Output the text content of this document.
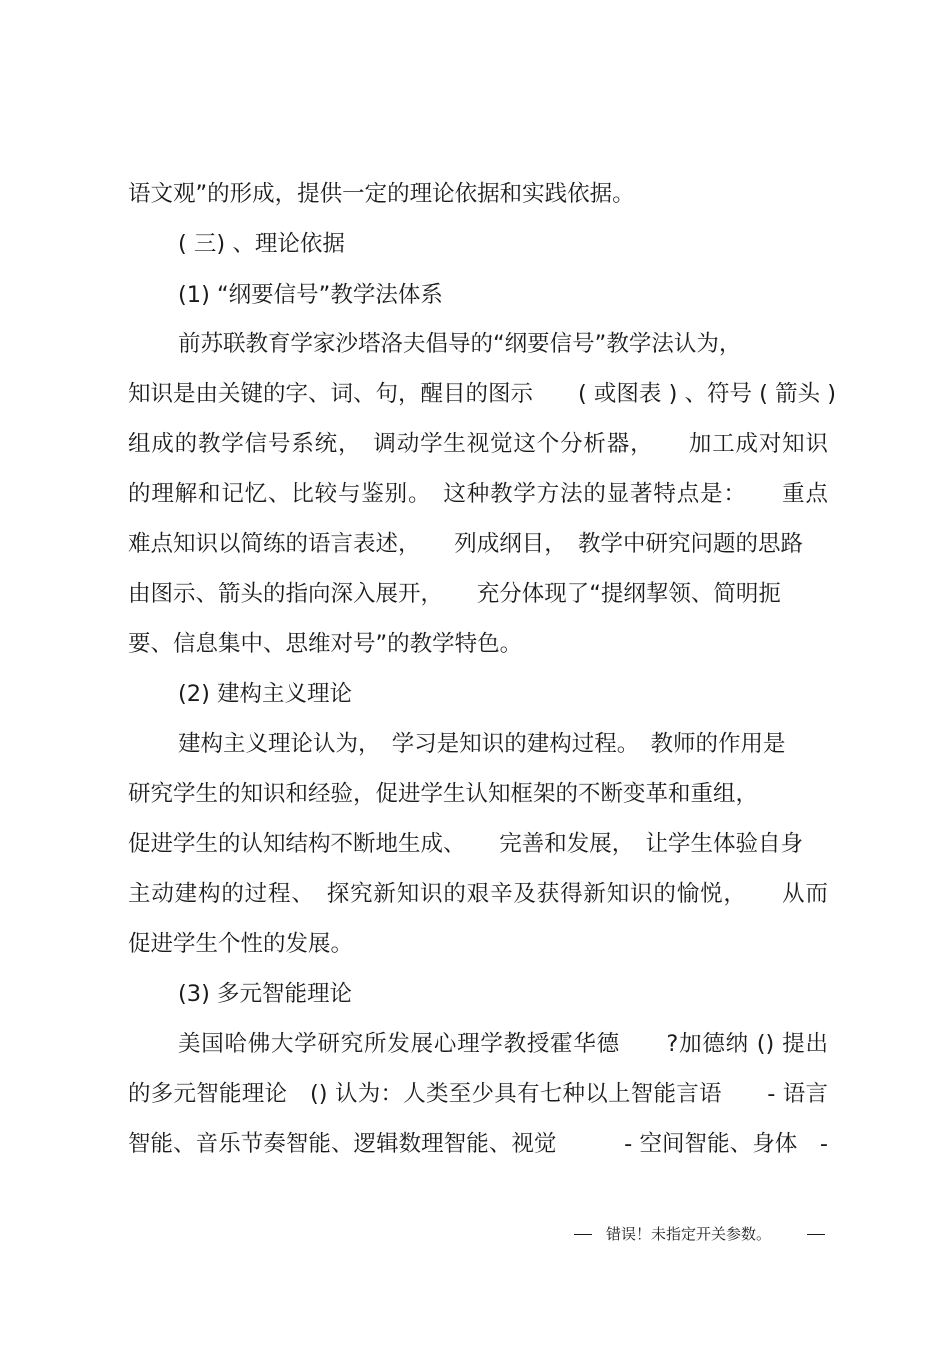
语文观”的形成，提供一定的理论依据和实践依据。
( 三) 、理论依据
(1) “纲要信号”教学法体系
前苏联教育学家沙塔洛夫倡导的“纲要信号”教学法认为，
知识是由关键的字、词、句，醒目的图示　　( 或图表 ) 、符号 ( 箭头 )
组成的教学信号系统，　调动学生视觉这个分析器，　　加工成对知识
的理解和记忆、比较与鉴别。　这种教学方法的显著特点是：　　重点
难点知识以简练的语言表述，　　列成纲目，　教学中研究问题的思路
由图示、箭头的指向深入展开，　　充分体现了“提纲挈领、简明扼
要、信息集中、思维对号”的教学特色。
(2) 建构主义理论
建构主义理论认为，　学习是知识的建构过程。　教师的作用是
研究学生的知识和经验，促进学生认知框架的不断变革和重组，
促进学生的认知结构不断地生成、　　完善和发展，　让学生体验自身
主动建构的过程、　探究新知识的艰辛及获得新知识的愉悦，　　从而
促进学生个性的发展。
(3) 多元智能理论
美国哈佛大学研究所发展心理学教授霍华德　　?加德纳 () 提出
的多元智能理论　() 认为：人类至少具有七种以上智能言语　　- 语言
智能、音乐节奏智能、逻辑数理智能、视觉　　　- 空间智能、身体　-
错误！未指定开关参数。
